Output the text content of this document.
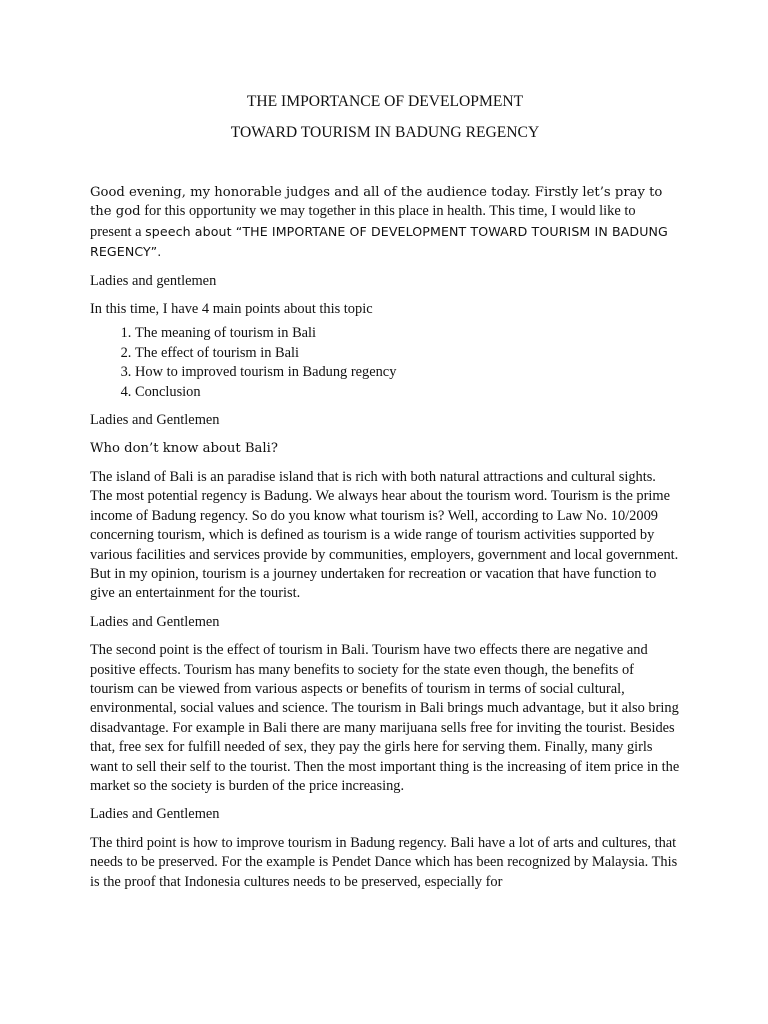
THE IMPORTANCE OF DEVELOPMENT
TOWARD TOURISM IN BADUNG REGENCY

Good evening, my honorable judges and all of the audience today. Firstly let’s pray to the god for this opportunity we may together in this place in health. This time, I would like to present a speech about “THE IMPORTANE OF DEVELOPMENT TOWARD TOURISM IN BADUNG REGENCY”.

Ladies and gentlemen

In this time, I have 4 main points about this topic

1. The meaning of tourism in Bali
2. The effect of tourism in Bali
3. How to improved tourism in Badung regency
4. Conclusion

Ladies and Gentlemen

Who don’t know about Bali?

The island of Bali is an paradise island that is rich with both natural attractions and cultural sights. The most potential regency is Badung. We always hear about the tourism word. Tourism is the prime income of Badung regency. So do you know what tourism is? Well, according to Law No. 10/2009 concerning tourism, which is defined as tourism is a wide range of tourism activities supported by various facilities and services provide by communities, employers, government and local government. But in my opinion, tourism is a journey undertaken for recreation or vacation that have function to give an entertainment for the tourist.

Ladies and Gentlemen

The second point is the effect of tourism in Bali. Tourism have two effects there are negative and positive effects. Tourism has many benefits to society for the state even though, the benefits of tourism can be viewed from various aspects or benefits of tourism in terms of social cultural, environmental, social values and science. The tourism in Bali brings much advantage, but it also bring disadvantage. For example in Bali there are many marijuana sells free for inviting the tourist. Besides that, free sex for fulfill needed of sex, they pay the girls here for serving them. Finally, many girls want to sell their self to the tourist. Then the most important thing is the increasing of item price in the market so the society is burden of the price increasing.

Ladies and Gentlemen

The third point is how to improve tourism in Badung regency. Bali have a lot of arts and cultures, that needs to be preserved. For the example is Pendet Dance which has been recognized by Malaysia. This is the proof that Indonesia cultures needs to be preserved, especially for
